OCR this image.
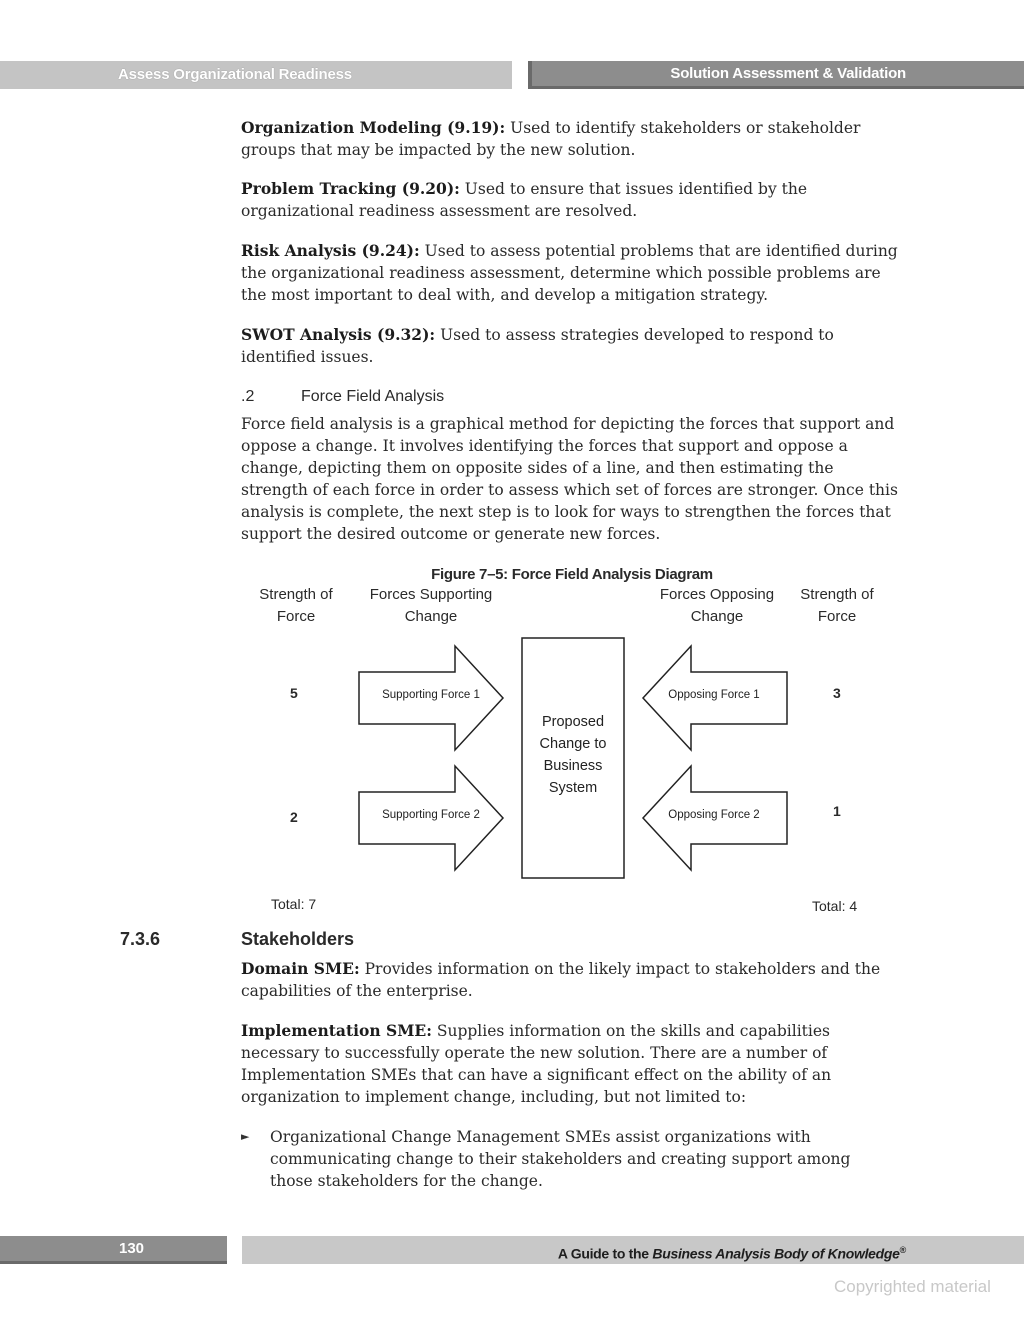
Assess Organizational Readiness	Solution Assessment & Validation

Organization Modeling (9.19): Used to identify stakeholders or stakeholder groups that may be impacted by the new solution.

Problem Tracking (9.20): Used to ensure that issues identified by the organizational readiness assessment are resolved.

Risk Analysis (9.24): Used to assess potential problems that are identified during the organizational readiness assessment, determine which possible problems are the most important to deal with, and develop a mitigation strategy.

SWOT Analysis (9.32): Used to assess strategies developed to respond to identified issues.

.2	Force Field Analysis

Force field analysis is a graphical method for depicting the forces that support and oppose a change. It involves identifying the forces that support and oppose a change, depicting them on opposite sides of a line, and then estimating the strength of each force in order to assess which set of forces are stronger. Once this analysis is complete, the next step is to look for ways to strengthen the forces that support the desired outcome or generate new forces.

Figure 7–5: Force Field Analysis Diagram
Strength of
Force
Forces Supporting
Change
Forces Opposing
Change
Strength of
Force
Supporting Force 1
Supporting Force 2
Opposing Force 1
Opposing Force 2
Proposed
Change to
Business
System
5
2
3
1
Total: 7	Total: 4
7.3.6	Stakeholders

Domain SME: Provides information on the likely impact to stakeholders and the capabilities of the enterprise.

Implementation SME: Supplies information on the skills and capabilities necessary to successfully operate the new solution. There are a number of Implementation SMEs that can have a significant effect on the ability of an organization to implement change, including, but not limited to:

► Organizational Change Management SMEs assist organizations with communicating change to their stakeholders and creating support among those stakeholders for the change.

130	A Guide to the Business Analysis Body of Knowledge®
Copyrighted material
